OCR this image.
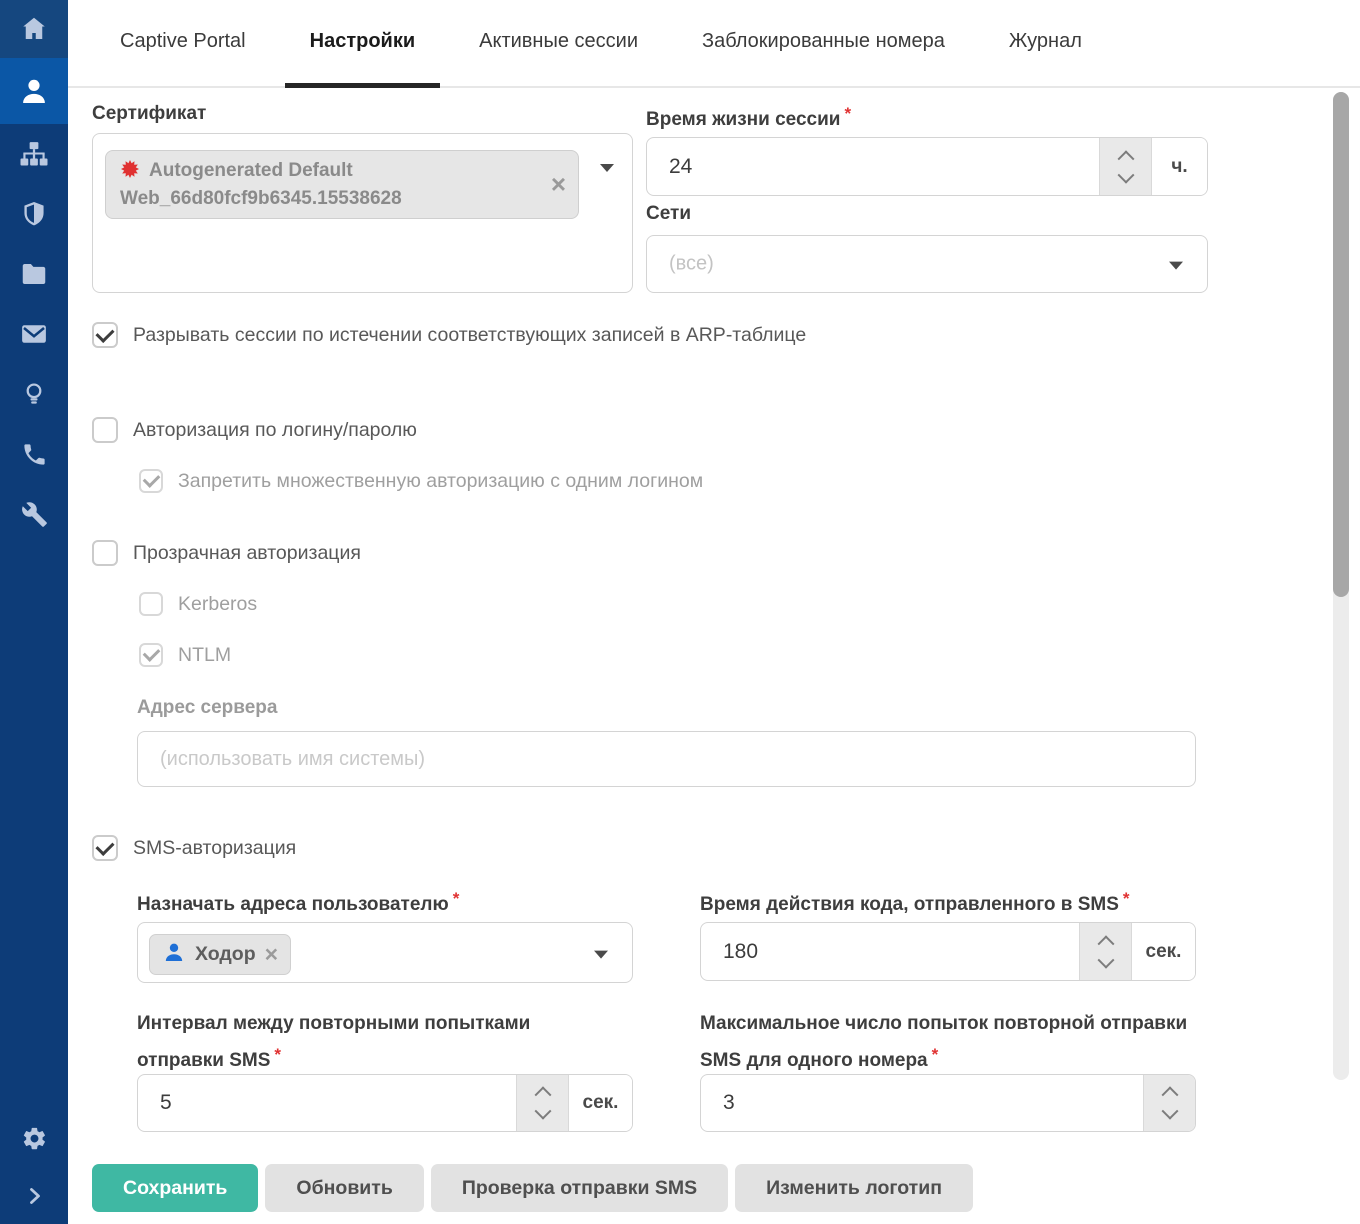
Captive Portal	Настройки	Активные сессии	Заблокированные номера	Журнал
Сертификат
Autogenerated Default Web_66d80fcf9b6345.15538628
×
Время жизни сессии *
24
ч.
Сети
(все)
Разрывать сессии по истечении соответствующих записей в ARP-таблице
Авторизация по логину/паролю
Запретить множественную авторизацию с одним логином
Прозрачная авторизация
Kerberos
NTLM
Адрес сервера
(использовать имя системы)
SMS-авторизация
Назначать адреса пользователю *
Ходор ×
Время действия кода, отправленного в SMS *
180
сек.
Интервал между повторными попытками отправки SMS *
5
сек.
Максимальное число попыток повторной отправки SMS для одного номера *
3
Сохранить	Обновить	Проверка отправки SMS	Изменить логотип
